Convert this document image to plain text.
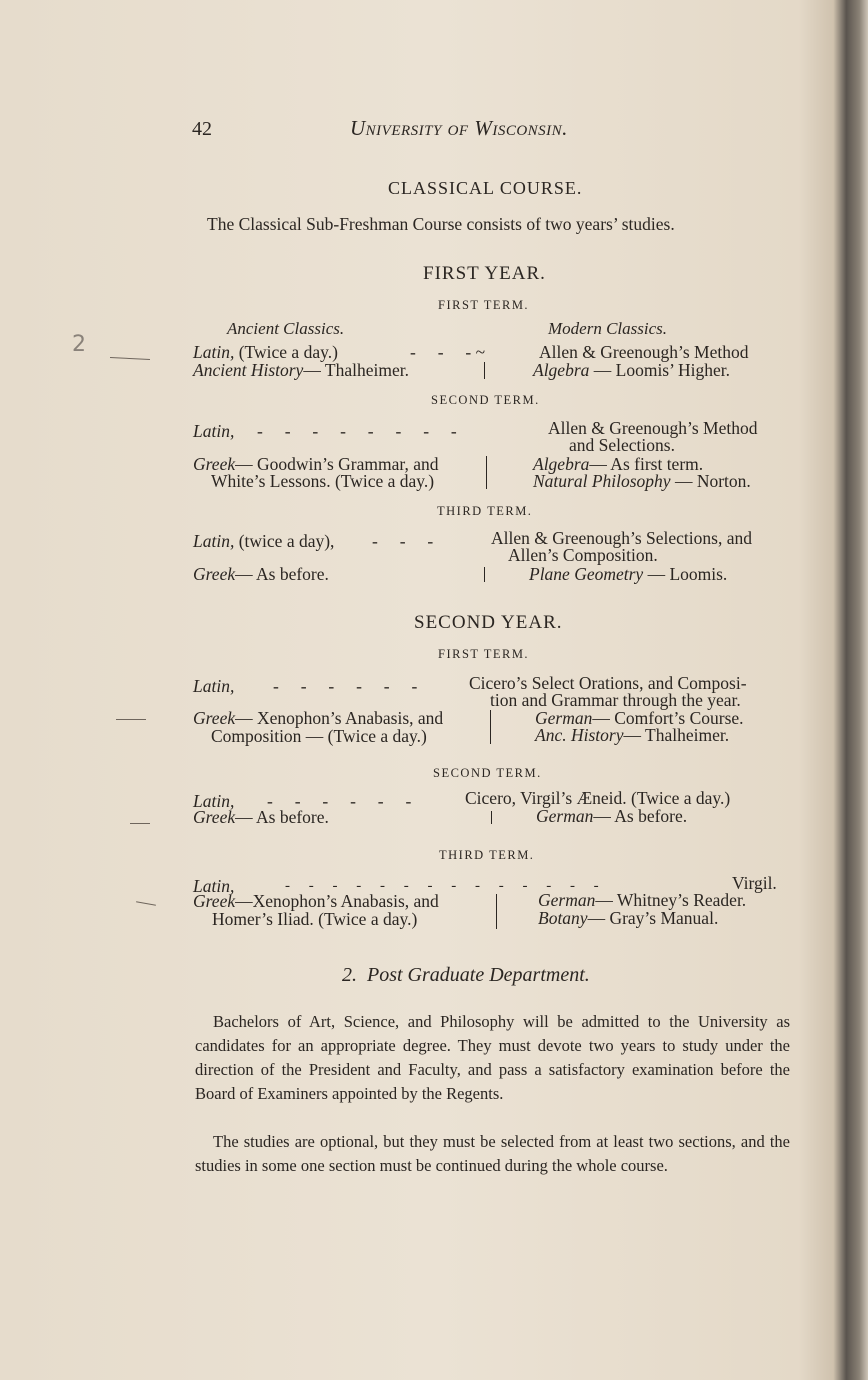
42	University of Wisconsin.
CLASSICAL COURSE.
The Classical Sub-Freshman Course consists of two years’ studies.
FIRST YEAR.
FIRST TERM.
Ancient Classics.	Modern Classics.
Latin, (Twice a day.)	-     -     - ~	Allen & Greenough’s Method
Ancient History— Thalheimer.	Algebra — Loomis’ Higher.
SECOND TERM.
Latin, -     -     -     -     -     -     -     -	Allen & Greenough’s Method
and Selections.
Greek— Goodwin’s Grammar, and	Algebra— As first term.
White’s Lessons. (Twice a day.)	Natural Philosophy — Norton.
THIRD TERM.
Latin, (twice a day), -     -     -	Allen & Greenough’s Selections, and
Allen’s Composition.
Greek— As before.	Plane Geometry — Loomis.
SECOND YEAR.
FIRST TERM.
Latin, -     -     -     -     -     -	Cicero’s Select Orations, and Composi-
tion and Grammar through the year.
Greek— Xenophon’s Anabasis, and	German— Comfort’s Course.
Composition — (Twice a day.)	Anc. History— Thalheimer.
SECOND TERM.
Latin, -     -     -     -     -     -	Cicero, Virgil’s Æneid. (Twice a day.)
Greek— As before.	German— As before.
THIRD TERM.
Latin,	-     -     -     -     -     -     -     -     -     -     -     -     -     -	Virgil.
Greek—Xenophon’s Anabasis, and	German— Whitney’s Reader.
Homer’s Iliad. (Twice a day.)	Botany— Gray’s Manual.
2.  Post Graduate Department.

Bachelors of Art, Science, and Philosophy will be admitted to the University as candidates for an appropriate degree. They must devote two years to study under the direction of the President and Faculty, and pass a satisfactory examination before the Board of Examiners appointed by the Regents.

The studies are optional, but they must be selected from at least two sections, and the studies in some one section must be continued during the whole course.

2
